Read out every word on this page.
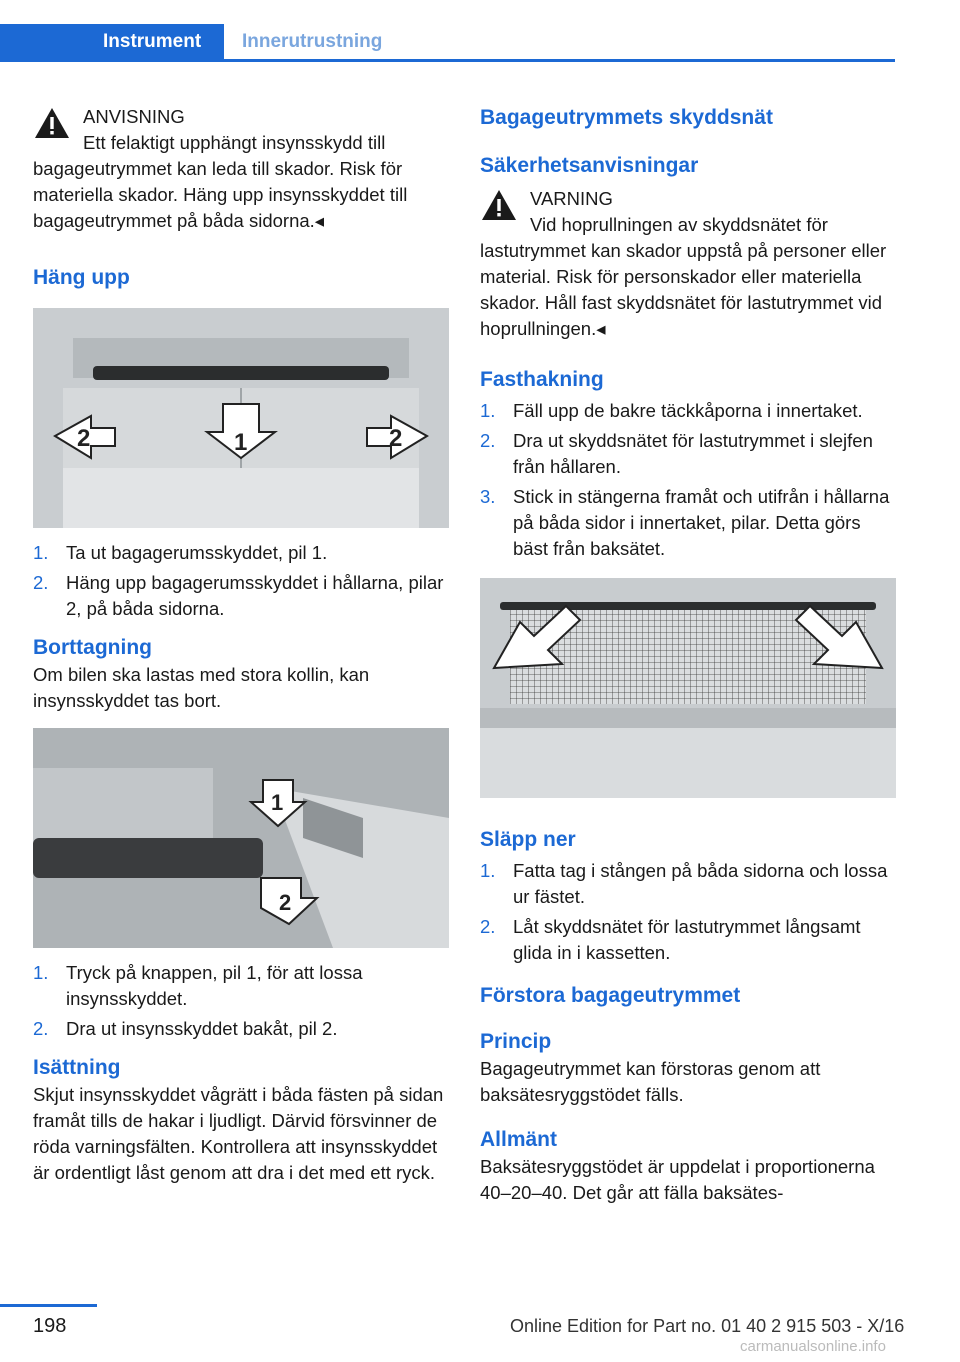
Instrument	Innerutrustning
ANVISNING

Ett felaktigt upphängt insynsskydd till bagageutrymmet kan leda till skador. Risk för materiella skador. Häng upp insynsskyddet till bagageutrymmet på båda sidorna.◂

Häng upp
2	1	2
1. Ta ut bagagerumsskyddet, pil 1.
2. Häng upp bagagerumsskyddet i hållarna, pilar 2, på båda sidorna.
Borttagning

Om bilen ska lastas med stora kollin, kan insynsskyddet tas bort.

1
2
1. Tryck på knappen, pil 1, för att lossa insynsskyddet.
2. Dra ut insynsskyddet bakåt, pil 2.
Isättning

Skjut insynsskyddet vågrätt i båda fästen på sidan framåt tills de hakar i ljudligt. Därvid försvinner de röda varningsfälten. Kontrollera att insynsskyddet är ordentligt låst genom att dra i det med ett ryck.

Bagageutrymmets skyddsnät
Säkerhetsanvisningar
VARNING

Vid hoprullningen av skyddsnätet för lastutrymmet kan skador uppstå på personer eller material. Risk för personskador eller materiella skador. Håll fast skyddsnätet för lastutrymmet vid hoprullningen.◂

Fasthakning
1. Fäll upp de bakre täckkåporna i innertaket.
2. Dra ut skyddsnätet för lastutrymmet i slejfen från hållaren.
3. Stick in stängerna framåt och utifrån i hållarna på båda sidor i innertaket, pilar. Detta görs bäst från baksätet.
Släpp ner
1. Fatta tag i stången på båda sidorna och lossa ur fästet.
2. Låt skyddsnätet för lastutrymmet långsamt glida in i kassetten.
Förstora bagageutrymmet
Princip

Bagageutrymmet kan förstoras genom att baksätesryggstödet fälls.

Allmänt

Baksätesryggstödet är uppdelat i proportionerna 40–20–40. Det går att fälla baksätes-

198	Online Edition for Part no. 01 40 2 915 503 - X/16
carmanualsonline.info
